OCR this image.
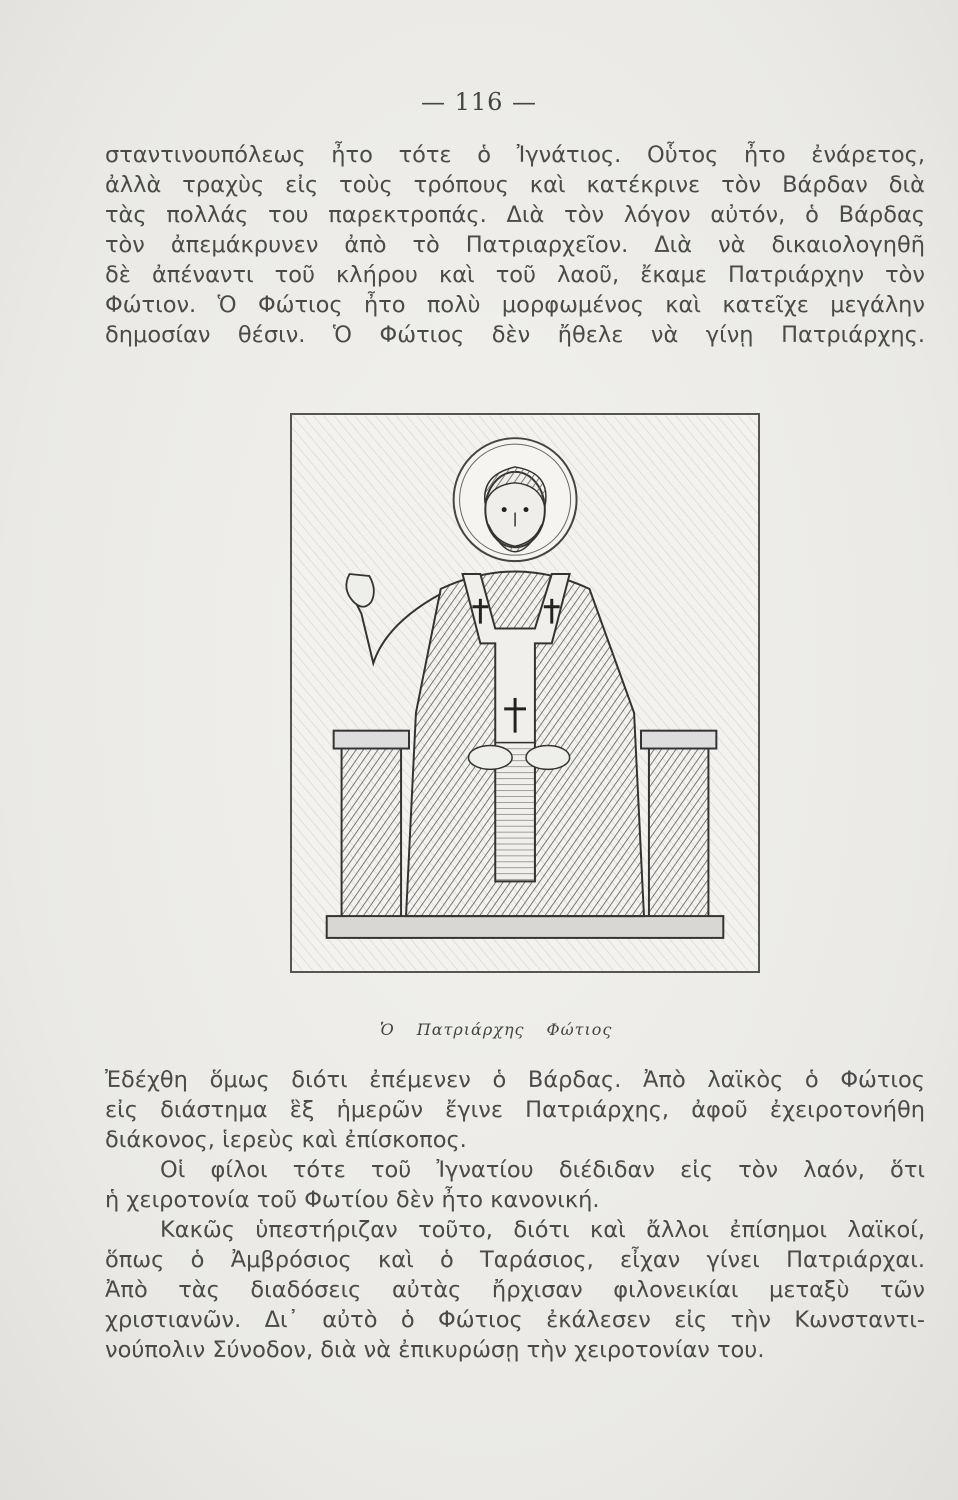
— 116 —
σταντινουπόλεως ἦτο τότε ὁ Ἰγνάτιος. Οὗτος ἦτο ἐνάρετος,
ἀλλὰ τραχὺς εἰς τοὺς τρόπους καὶ κατέκρινε τὸν Βάρδαν διὰ
τὰς πολλάς του παρεκτροπάς. Διὰ τὸν λόγον αὐτόν, ὁ Βάρδας
τὸν ἀπεμάκρυνεν ἀπὸ τὸ Πατριαρχεῖον. Διὰ νὰ δικαιολογηθῆ
δὲ ἀπέναντι τοῦ κλήρου καὶ τοῦ λαοῦ, ἔκαμε Πατριάρχην τὸν
Φώτιον. Ὁ Φώτιος ἦτο πολὺ μορφωμένος καὶ κατεῖχε μεγάλην
δημοσίαν θέσιν. Ὁ Φώτιος δὲν ἤθελε νὰ γίνῃ Πατριάρχης.
Ὁ Πατριάρχης Φώτιος
Ἐδέχθη ὅμως διότι ἐπέμενεν ὁ Βάρδας. Ἀπὸ λαϊκὸς ὁ Φώτιος
εἰς διάστημα ἓξ ἡμερῶν ἔγινε Πατριάρχης, ἀφοῦ ἐχειροτονήθη
διάκονος, ἱερεὺς καὶ ἐπίσκοπος.
Οἱ φίλοι τότε τοῦ Ἰγνατίου διέδιδαν εἰς τὸν λαόν, ὅτι
ἡ χειροτονία τοῦ Φωτίου δὲν ἦτο κανονική.
Κακῶς ὑπεστήριζαν τοῦτο, διότι καὶ ἄλλοι ἐπίσημοι λαϊκοί,
ὅπως ὁ Ἀμβρόσιος καὶ ὁ Ταράσιος, εἶχαν γίνει Πατριάρχαι.
Ἀπὸ τὰς διαδόσεις αὐτὰς ἤρχισαν φιλονεικίαι μεταξὺ τῶν
χριστιανῶν. Δι᾿ αὐτὸ ὁ Φώτιος ἐκάλεσεν εἰς τὴν Κωνσταντι-
νούπολιν Σύνοδον, διὰ νὰ ἐπικυρώσῃ τὴν χειροτονίαν του.
